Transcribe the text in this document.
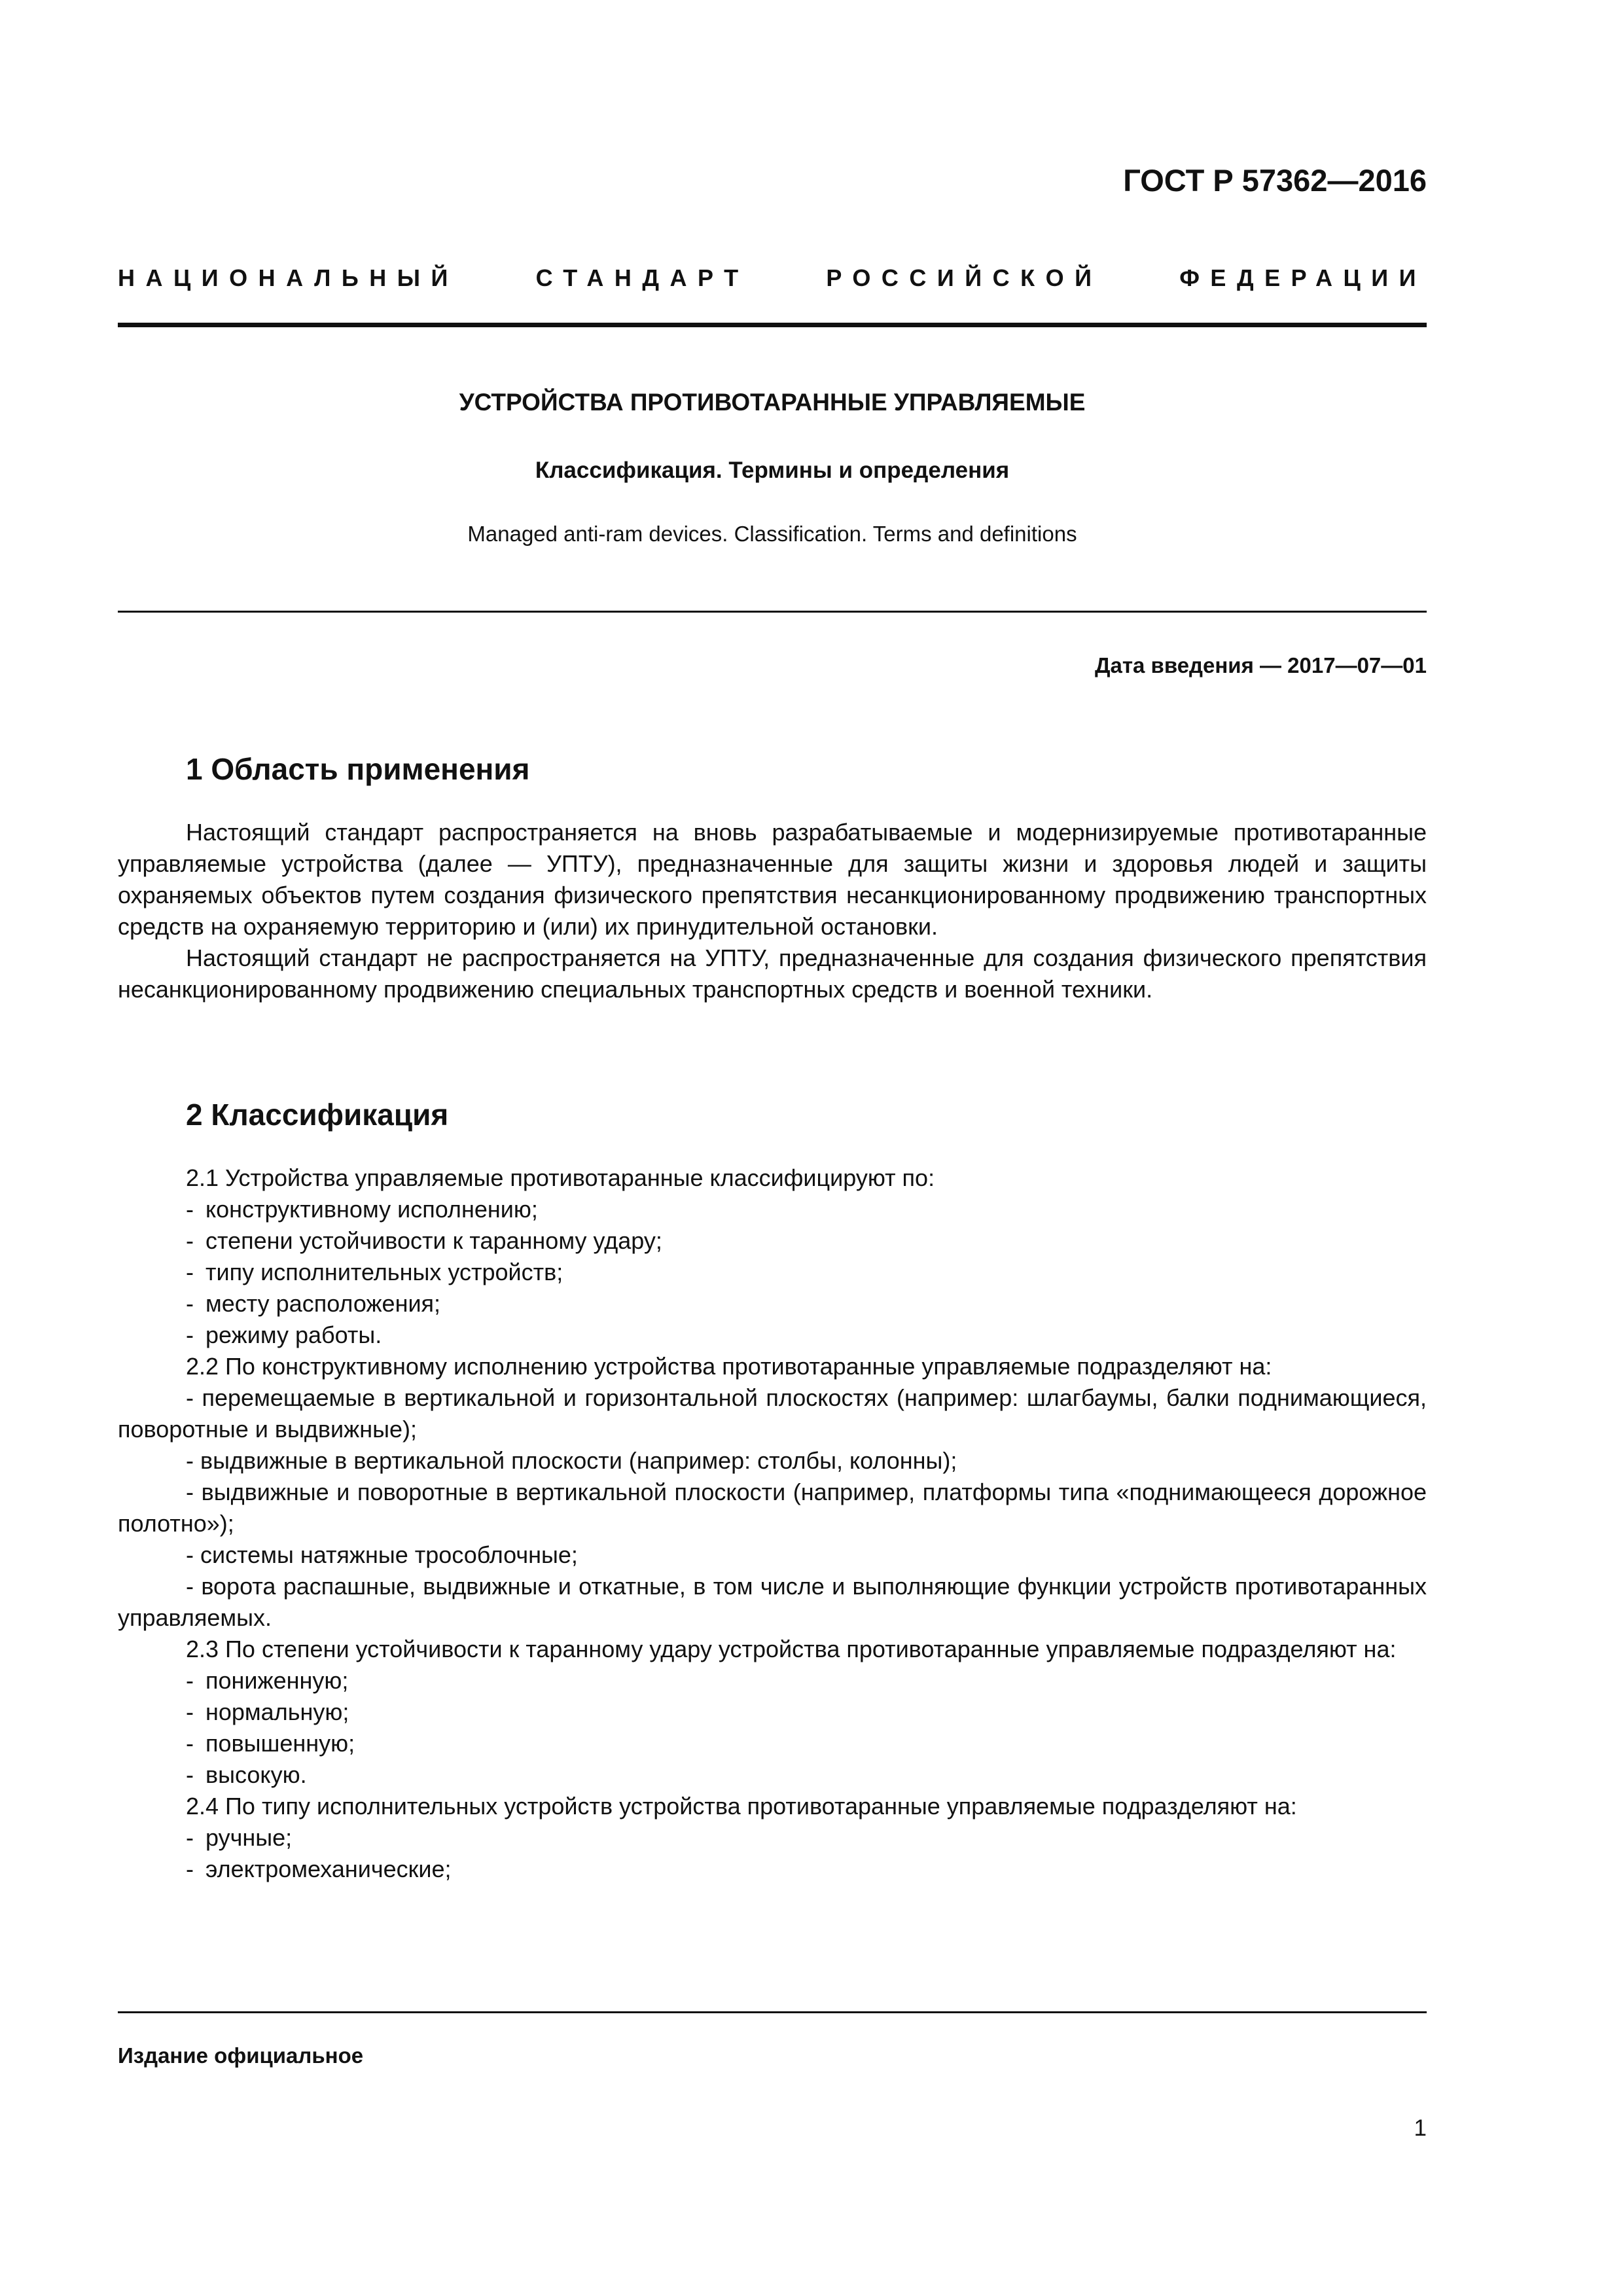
ГОСТ Р 57362—2016
НАЦИОНАЛЬНЫЙ	СТАНДАРТ	РОССИЙСКОЙ	ФЕДЕРАЦИИ
УСТРОЙСТВА ПРОТИВОТАРАННЫЕ УПРАВЛЯЕМЫЕ
Классификация. Термины и определения

Managed anti-ram devices. Classification. Terms and definitions

Дата введения — 2017—07—01

1 Область применения

Настоящий стандарт распространяется на вновь разрабатываемые и модернизируемые противотаранные управляемые устройства (далее — УПТУ), предназначенные для защиты жизни и здоровья людей и защиты охраняемых объектов путем создания физического препятствия несанкционированному продвижению транспортных средств на охраняемую территорию и (или) их принудительной остановки.

Настоящий стандарт не распространяется на УПТУ, предназначенные для создания физического препятствия несанкционированному продвижению специальных транспортных средств и военной техники.

2 Классификация

2.1 Устройства управляемые противотаранные классифицируют по:

- конструктивному исполнению;
- степени устойчивости к таранному удару;
- типу исполнительных устройств;
- месту расположения;
- режиму работы.

2.2 По конструктивному исполнению устройства противотаранные управляемые подразделяют на:

- перемещаемые в вертикальной и горизонтальной плоскостях (например: шлагбаумы, балки поднимающиеся, поворотные и выдвижные);

- выдвижные в вертикальной плоскости (например: столбы, колонны);

- выдвижные и поворотные в вертикальной плоскости (например, платформы типа «поднимающееся дорожное полотно»);

- системы натяжные трособлочные;

- ворота распашные, выдвижные и откатные, в том числе и выполняющие функции устройств противотаранных управляемых.

2.3 По степени устойчивости к таранному удару устройства противотаранные управляемые подразделяют на:

- пониженную;
- нормальную;
- повышенную;
- высокую.

2.4 По типу исполнительных устройств устройства противотаранные управляемые подразделяют на:

- ручные;
- электромеханические;

Издание официальное

1
